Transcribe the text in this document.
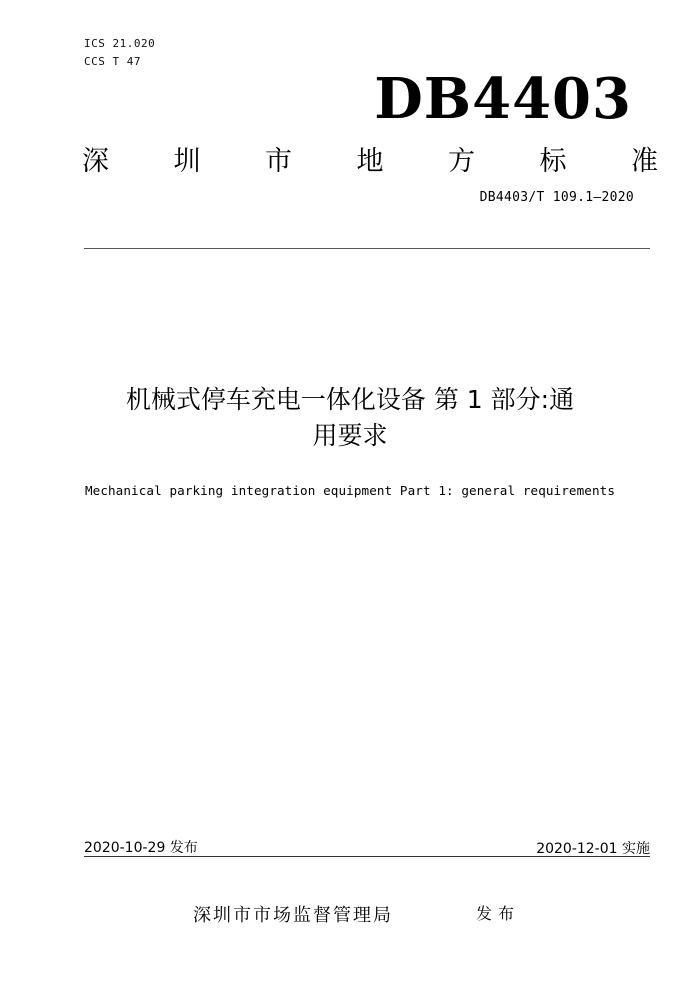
ICS 21.020
CCS T 47
DB4403
深 圳 市 地 方 标 准
DB4403/T 109.1—2020
机械式停车充电一体化设备 第 1 部分:通
用要求
Mechanical parking integration equipment Part 1: general requirements
2020-10-29 发布	2020-12-01 实施
深圳市市场监督管理局	发布
